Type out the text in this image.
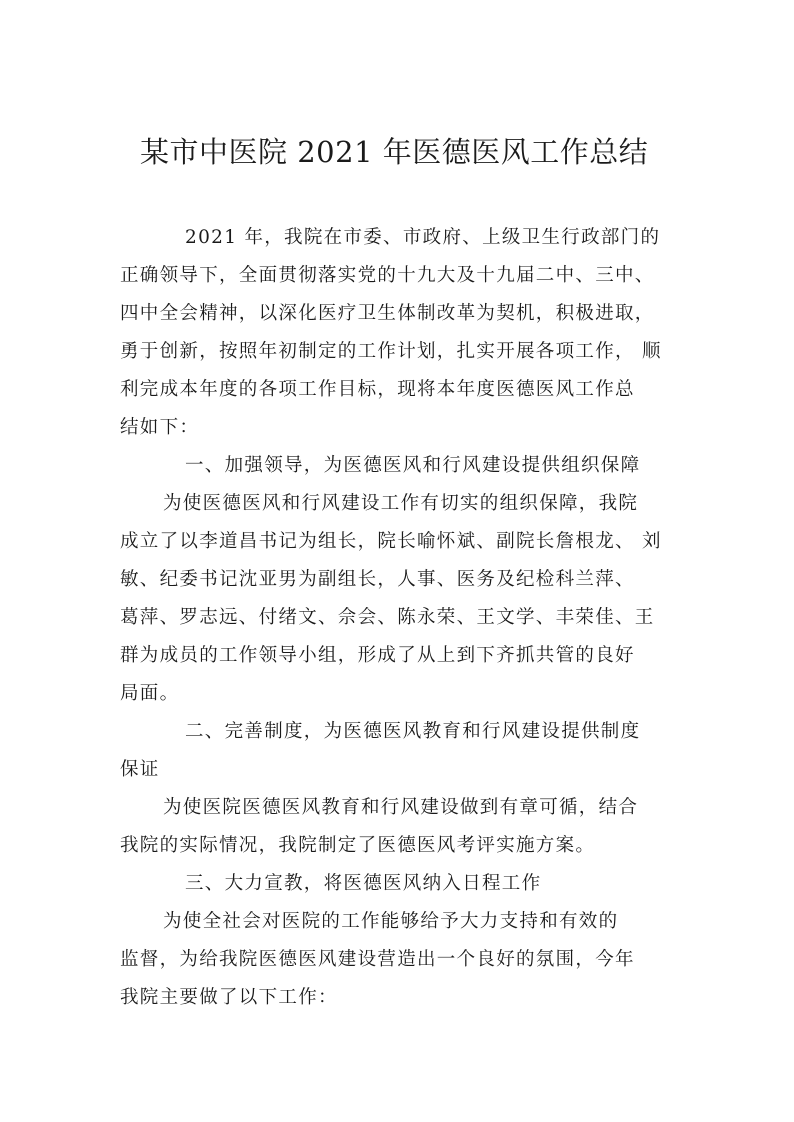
某市中医院 2021 年医德医风工作总结
2021 年，我院在市委、市政府、上级卫生行政部门的
正确领导下，全面贯彻落实党的十九大及十九届二中、三中、
四中全会精神，以深化医疗卫生体制改革为契机，积极进取，
勇于创新，按照年初制定的工作计划，扎实开展各项工作， 顺
利完成本年度的各项工作目标，现将本年度医德医风工作总
结如下：
一、加强领导，为医德医风和行风建设提供组织保障
为使医德医风和行风建设工作有切实的组织保障，我院
成立了以李道昌书记为组长，院长喻怀斌、副院长詹根龙、 刘
敏、纪委书记沈亚男为副组长，人事、医务及纪检科兰萍、
葛萍、罗志远、付绪文、佘会、陈永荣、王文学、丰荣佳、王
群为成员的工作领导小组，形成了从上到下齐抓共管的良好
局面。
二、完善制度，为医德医风教育和行风建设提供制度
保证
为使医院医德医风教育和行风建设做到有章可循，结合
我院的实际情况，我院制定了医德医风考评实施方案。
三、大力宣教，将医德医风纳入日程工作
为使全社会对医院的工作能够给予大力支持和有效的
监督，为给我院医德医风建设营造出一个良好的氛围，今年
我院主要做了以下工作：
